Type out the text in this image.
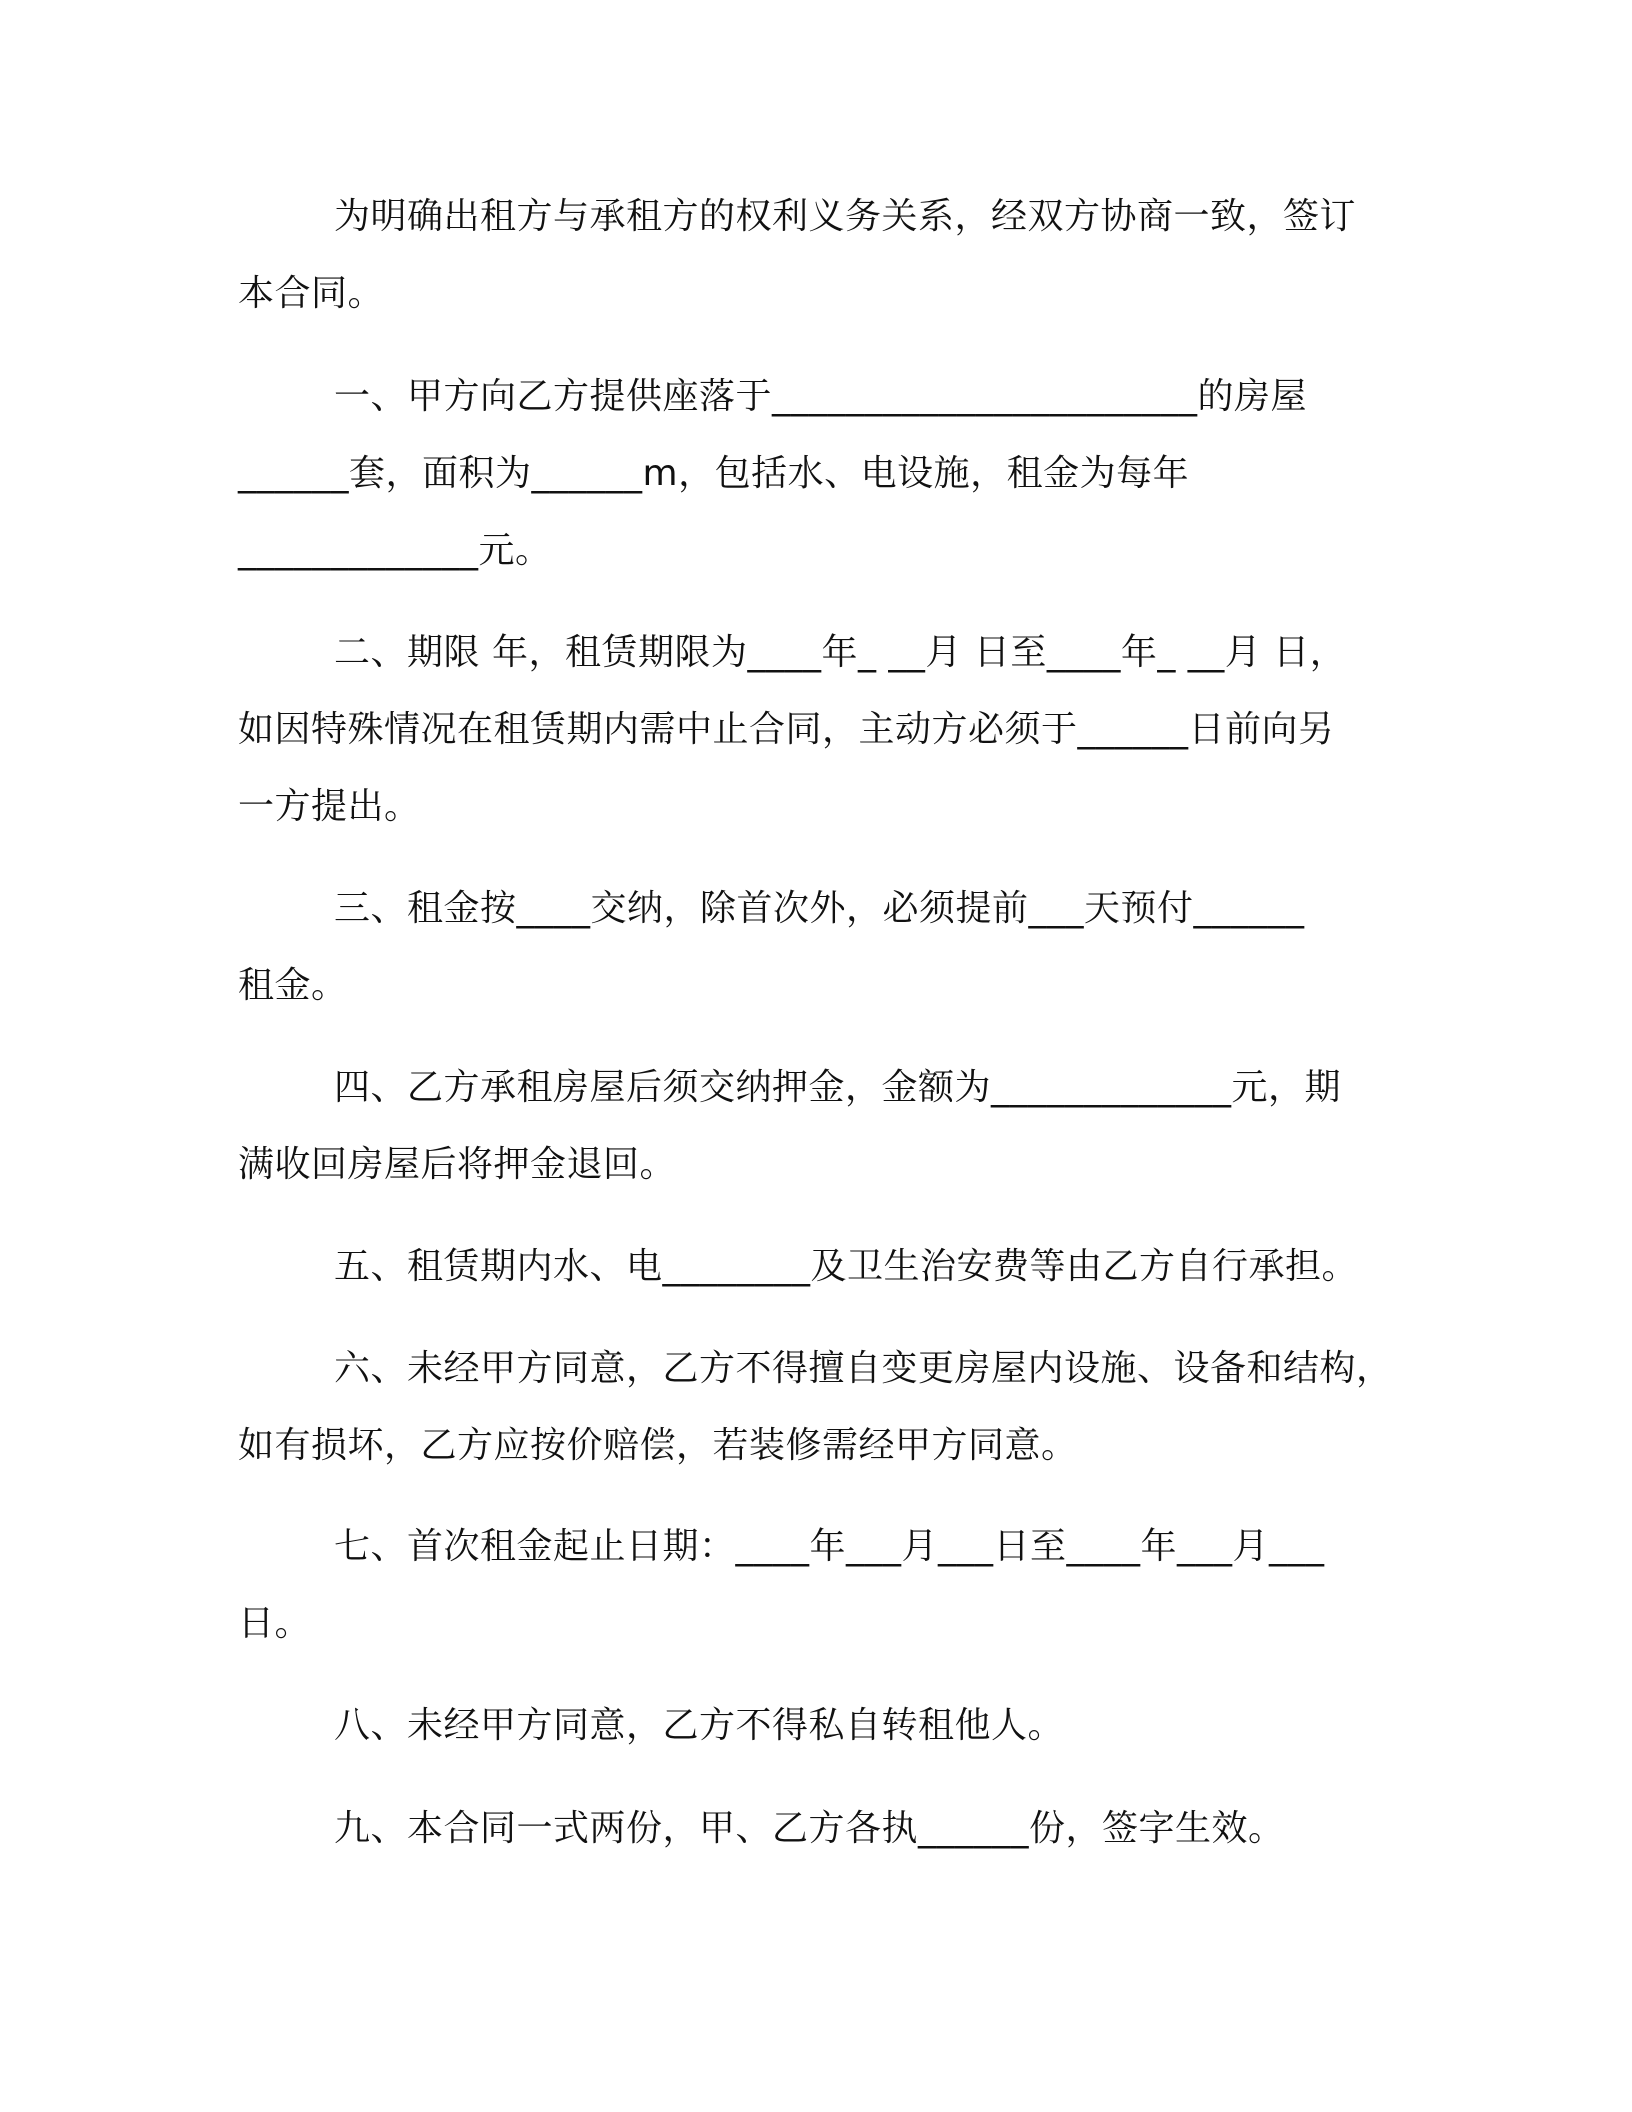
为明确出租方与承租方的权利义务关系，经双方协商一致，签订
本合同。

一、甲方向乙方提供座落于_______________________的房屋
______套，面积为______m，包括水、电设施，租金为每年
_____________元。

二、期限 年，租赁期限为____年_ __月 日至____年_ __月 日，
如因特殊情况在租赁期内需中止合同，主动方必须于______日前向另
一方提出。

三、租金按____交纳，除首次外，必须提前___天预付______
租金。

四、乙方承租房屋后须交纳押金，金额为_____________元，期
满收回房屋后将押金退回。

五、租赁期内水、电________及卫生治安费等由乙方自行承担。

六、未经甲方同意，乙方不得擅自变更房屋内设施、设备和结构，
如有损坏，乙方应按价赔偿，若装修需经甲方同意。

七、首次租金起止日期：____年___月___日至____年___月___
日。

八、未经甲方同意，乙方不得私自转租他人。

九、本合同一式两份，甲、乙方各执______份，签字生效。
